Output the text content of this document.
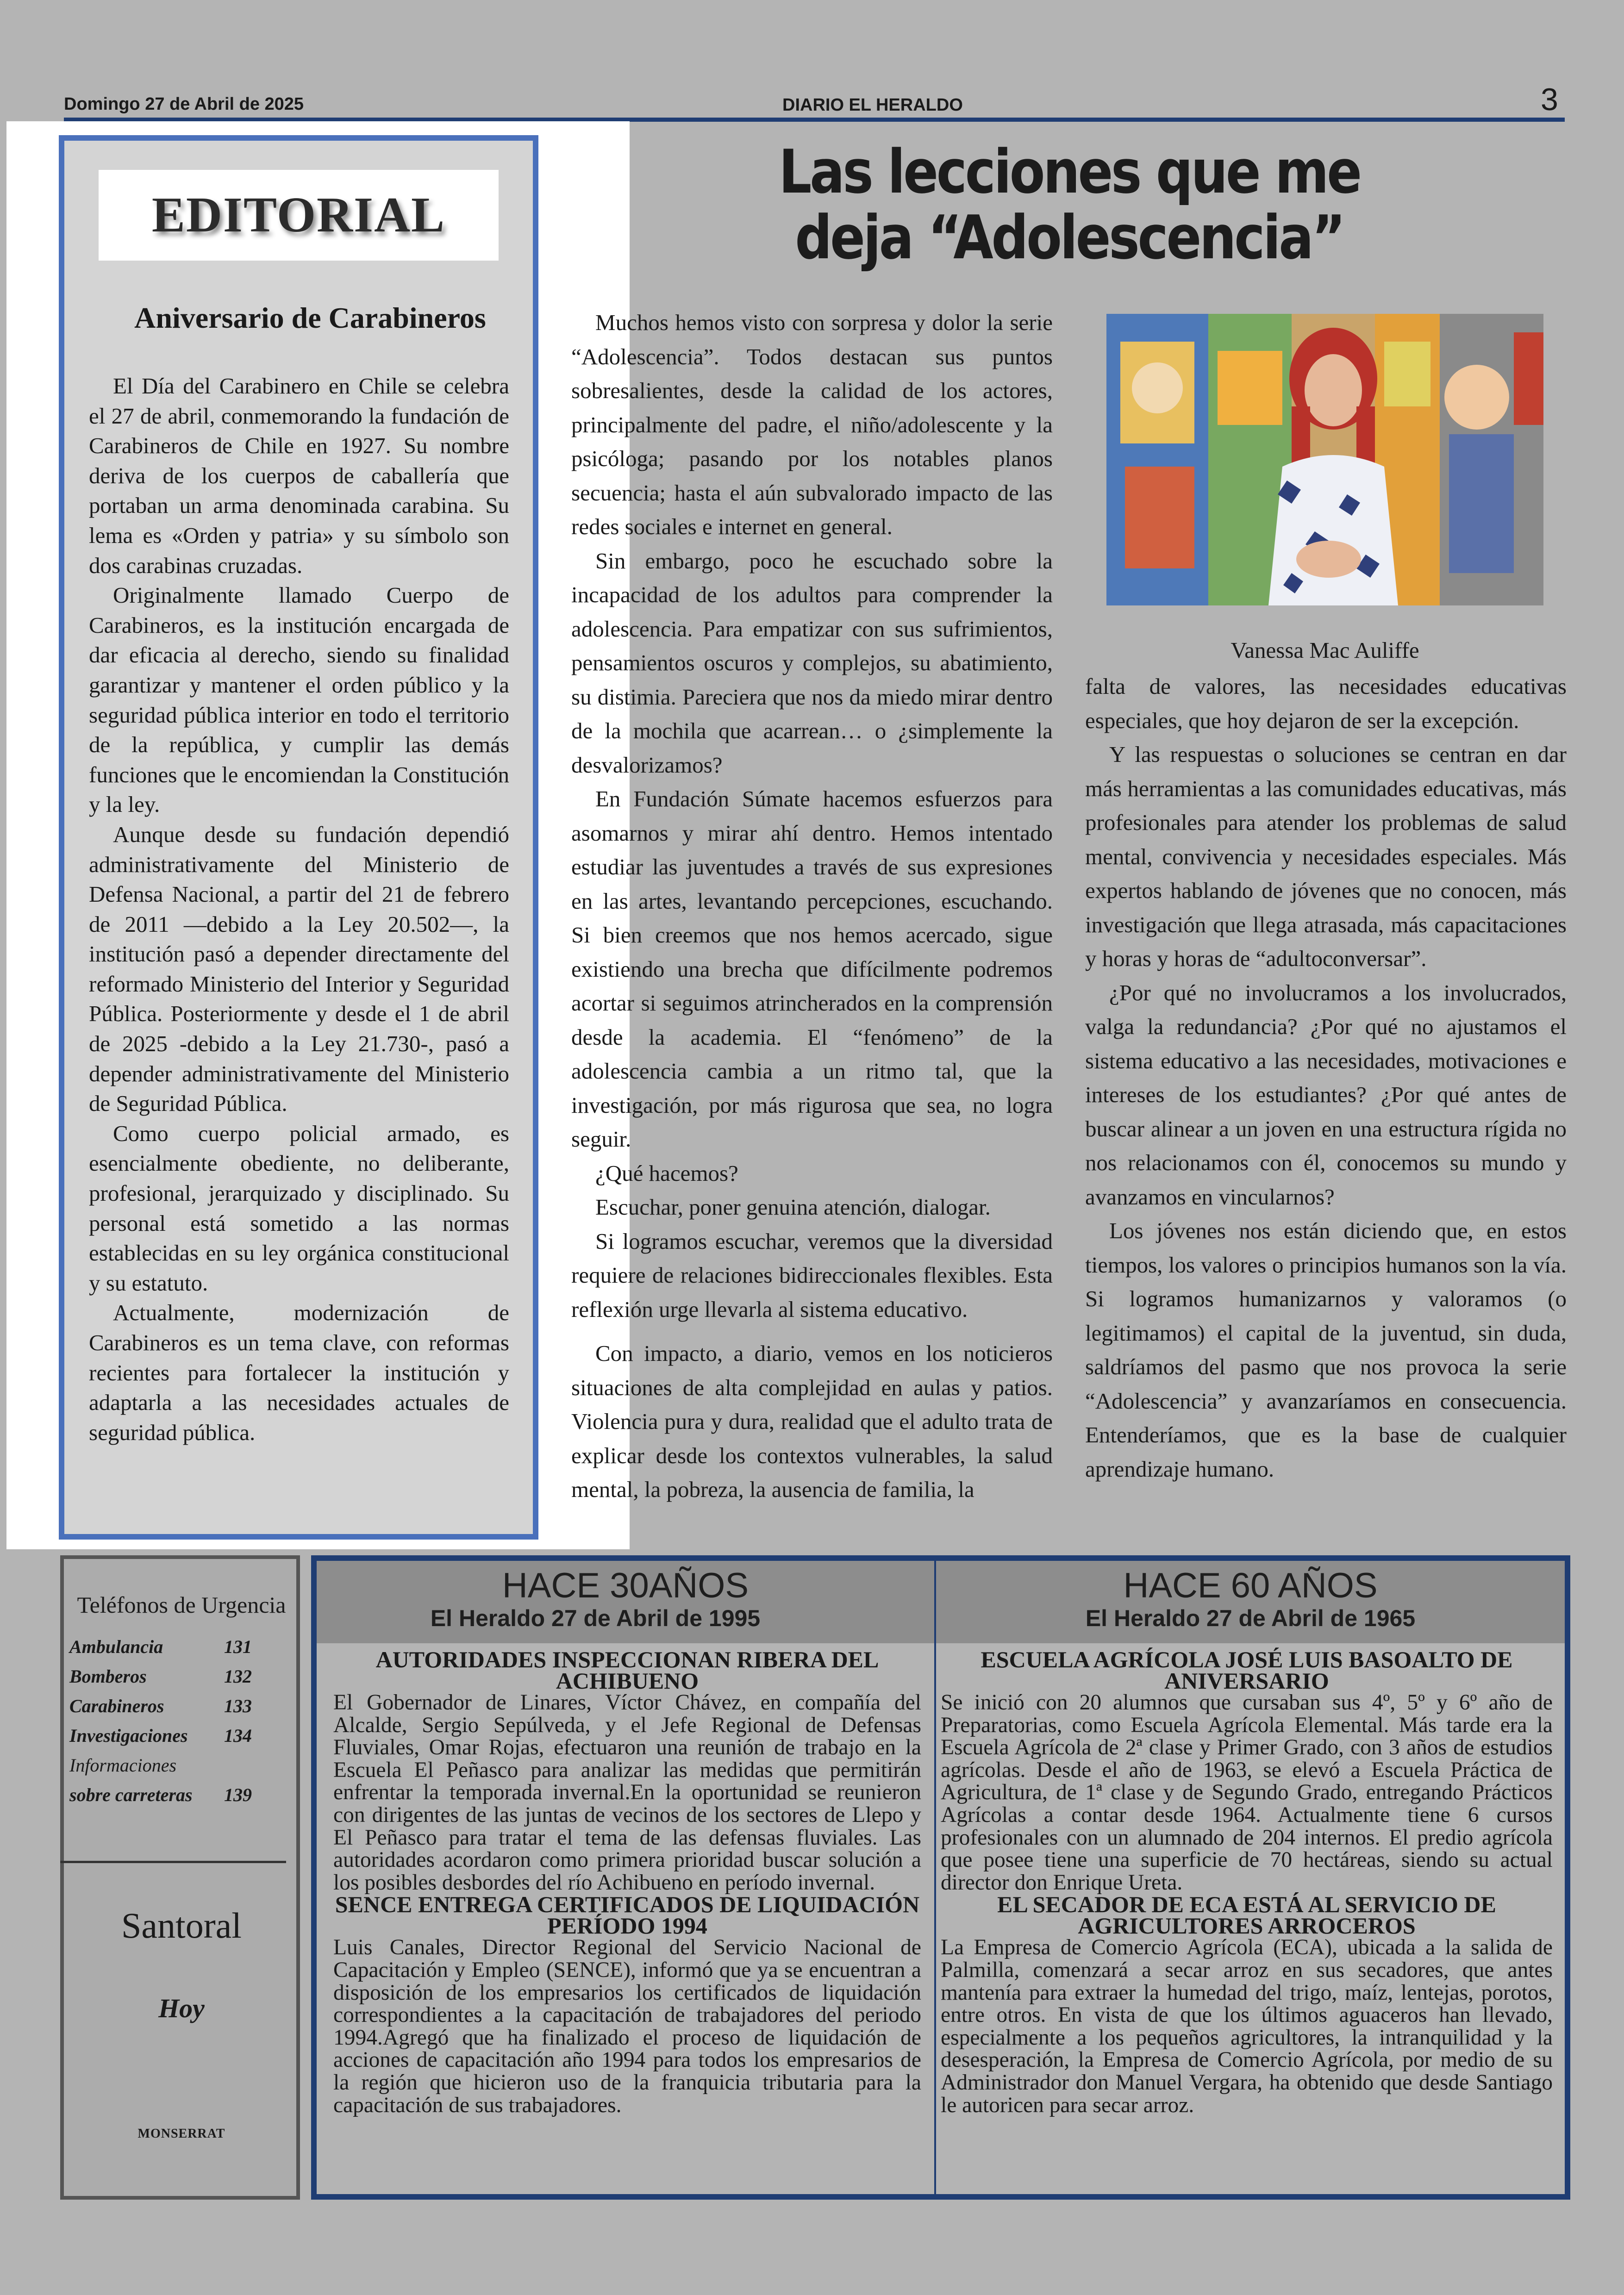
Domingo 27 de Abril de 2025	DIARIO EL HERALDO	3
EDITORIAL
Aniversario de Carabineros

El Día del Carabinero en Chile se celebra el 27 de abril, conmemorando la fundación de Carabineros de Chile en 1927. Su nombre deriva de los cuerpos de caballería que portaban un arma denominada carabina. Su lema es «Orden y patria» y su símbolo son dos carabinas cruzadas.

Originalmente llamado Cuerpo de Carabineros, es la institución encargada de dar eficacia al derecho, siendo su finalidad garantizar y mantener el orden público y la seguridad pública interior en todo el territorio de la república, y cumplir las demás funciones que le encomiendan la Constitución y la ley.

Aunque desde su fundación dependió administrativamente del Ministerio de Defensa Nacional, a partir del 21 de febrero de 2011 —debido a la Ley 20.502—, la institución pasó a depender directamente del reformado Ministerio del Interior y Seguridad Pública. Posteriormente y desde el 1 de abril de 2025 -debido a la Ley 21.730-, pasó a depender administrativamente del Ministerio de Seguridad Pública.

Como cuerpo policial armado, es esencialmente obediente, no deliberante, profesional, jerarquizado y disciplinado. Su personal está sometido a las normas establecidas en su ley orgánica constitucional y su estatuto.

Actualmente, modernización de Carabineros es un tema clave, con reformas recientes para fortalecer la institución y adaptarla a las necesidades actuales de seguridad pública.

Las lecciones que me
deja “Adolescencia”

Muchos hemos visto con sorpresa y dolor la serie “Adolescencia”. Todos destacan sus puntos sobresalientes, desde la calidad de los actores, principalmente del padre, el niño/adolescente y la psicóloga; pasando por los notables planos secuencia; hasta el aún subvalorado impacto de las redes sociales e internet en general.

Sin embargo, poco he escuchado sobre la incapacidad de los adultos para comprender la adolescencia. Para empatizar con sus sufrimientos, pensamientos oscuros y complejos, su abatimiento, su distimia. Pareciera que nos da miedo mirar dentro de la mochila que acarrean… o ¿simplemente la desvalorizamos?

En Fundación Súmate hacemos esfuerzos para asomarnos y mirar ahí dentro. Hemos intentado estudiar las juventudes a través de sus expresiones en las artes, levantando percepciones, escuchando. Si bien creemos que nos hemos acercado, sigue existiendo una brecha que difícilmente podremos acortar si seguimos atrincherados en la comprensión desde la academia. El “fenómeno” de la adolescencia cambia a un ritmo tal, que la investigación, por más rigurosa que sea, no logra seguir.

¿Qué hacemos?

Escuchar, poner genuina atención, dialogar.

Si logramos escuchar, veremos que la diversidad requiere de relaciones bidireccionales flexibles. Esta reflexión urge llevarla al sistema educativo.

Con impacto, a diario, vemos en los noticieros situaciones de alta complejidad en aulas y patios. Violencia pura y dura, realidad que el adulto trata de explicar desde los contextos vulnerables, la salud mental, la pobreza, la ausencia de familia, la

Vanessa Mac Auliffe

falta de valores, las necesidades educativas especiales, que hoy dejaron de ser la excepción.

Y las respuestas o soluciones se centran en dar más herramientas a las comunidades educativas, más profesionales para atender los problemas de salud mental, convivencia y necesidades especiales. Más expertos hablando de jóvenes que no conocen, más investigación que llega atrasada, más capacitaciones y horas y horas de “adultoconversar”.

¿Por qué no involucramos a los involucrados, valga la redundancia? ¿Por qué no ajustamos el sistema educativo a las necesidades, motivaciones e intereses de los estudiantes? ¿Por qué antes de buscar alinear a un joven en una estructura rígida no nos relacionamos con él, conocemos su mundo y avanzamos en vincularnos?

Los jóvenes nos están diciendo que, en estos tiempos, los valores o principios humanos son la vía. Si logramos humanizarnos y valoramos (o legitimamos) el capital de la juventud, sin duda, saldríamos del pasmo que nos provoca la serie “Adolescencia” y avanzaríamos en consecuencia. Entenderíamos, que es la base de cualquier aprendizaje humano.

Teléfonos de Urgencia
Ambulancia	131
Bomberos	132
Carabineros	133
Investigaciones 134
Informaciones
sobre carreteras 139
Santoral
Hoy
MONSERRAT
HACE 30AÑOS
El Heraldo 27 de Abril de 1995
HACE 60 AÑOS
El Heraldo 27 de Abril de 1965
AUTORIDADES INSPECCIONAN RIBERA DEL ACHIBUENO

El Gobernador de Linares, Víctor Chávez, en compañía del Alcalde, Sergio Sepúlveda, y el Jefe Regional de Defensas Fluviales, Omar Rojas, efectuaron una reunión de trabajo en la Escuela El Peñasco para analizar las medidas que permitirán enfrentar la temporada invernal.En la oportunidad se reunieron con dirigentes de las juntas de vecinos de los sectores de Llepo y El Peñasco para tratar el tema de las defensas fluviales. Las autoridades acordaron como primera prioridad buscar solución a los posibles desbordes del río Achibueno en período invernal.

SENCE ENTREGA CERTIFICADOS DE LIQUIDACIÓN PERÍODO 1994

Luis Canales, Director Regional del Servicio Nacional de Capacitación y Empleo (SENCE), informó que ya se encuentran a disposición de los empresarios los certificados de liquidación correspondientes a la capacitación de trabajadores del periodo 1994.Agregó que ha finalizado el proceso de liquidación de acciones de capacitación año 1994 para todos los empresarios de la región que hicieron uso de la franquicia tributaria para la capacitación de sus trabajadores.

ESCUELA AGRÍCOLA JOSÉ LUIS BASOALTO DE ANIVERSARIO

Se inició con 20 alumnos que cursaban sus 4º, 5º y 6º año de Preparatorias, como Escuela Agrícola Elemental. Más tarde era la Escuela Agrícola de 2ª clase y Primer Grado, con 3 años de estudios agrícolas. Desde el año de 1963, se elevó a Escuela Práctica de Agricultura, de 1ª clase y de Segundo Grado, entregando Prácticos Agrícolas a contar desde 1964. Actualmente tiene 6 cursos profesionales con un alumnado de 204 internos. El predio agrícola que posee tiene una superficie de 70 hectáreas, siendo su actual director don Enrique Ureta.

EL SECADOR DE ECA ESTÁ AL SERVICIO DE AGRICULTORES ARROCEROS

La Empresa de Comercio Agrícola (ECA), ubicada a la salida de Palmilla, comenzará a secar arroz en sus secadores, que antes mantenía para extraer la humedad del trigo, maíz, lentejas, porotos, entre otros. En vista de que los últimos aguaceros han llevado, especialmente a los pequeños agricultores, la intranquilidad y la desesperación, la Empresa de Comercio Agrícola, por medio de su Administrador don Manuel Vergara, ha obtenido que desde Santiago le autoricen para secar arroz.
